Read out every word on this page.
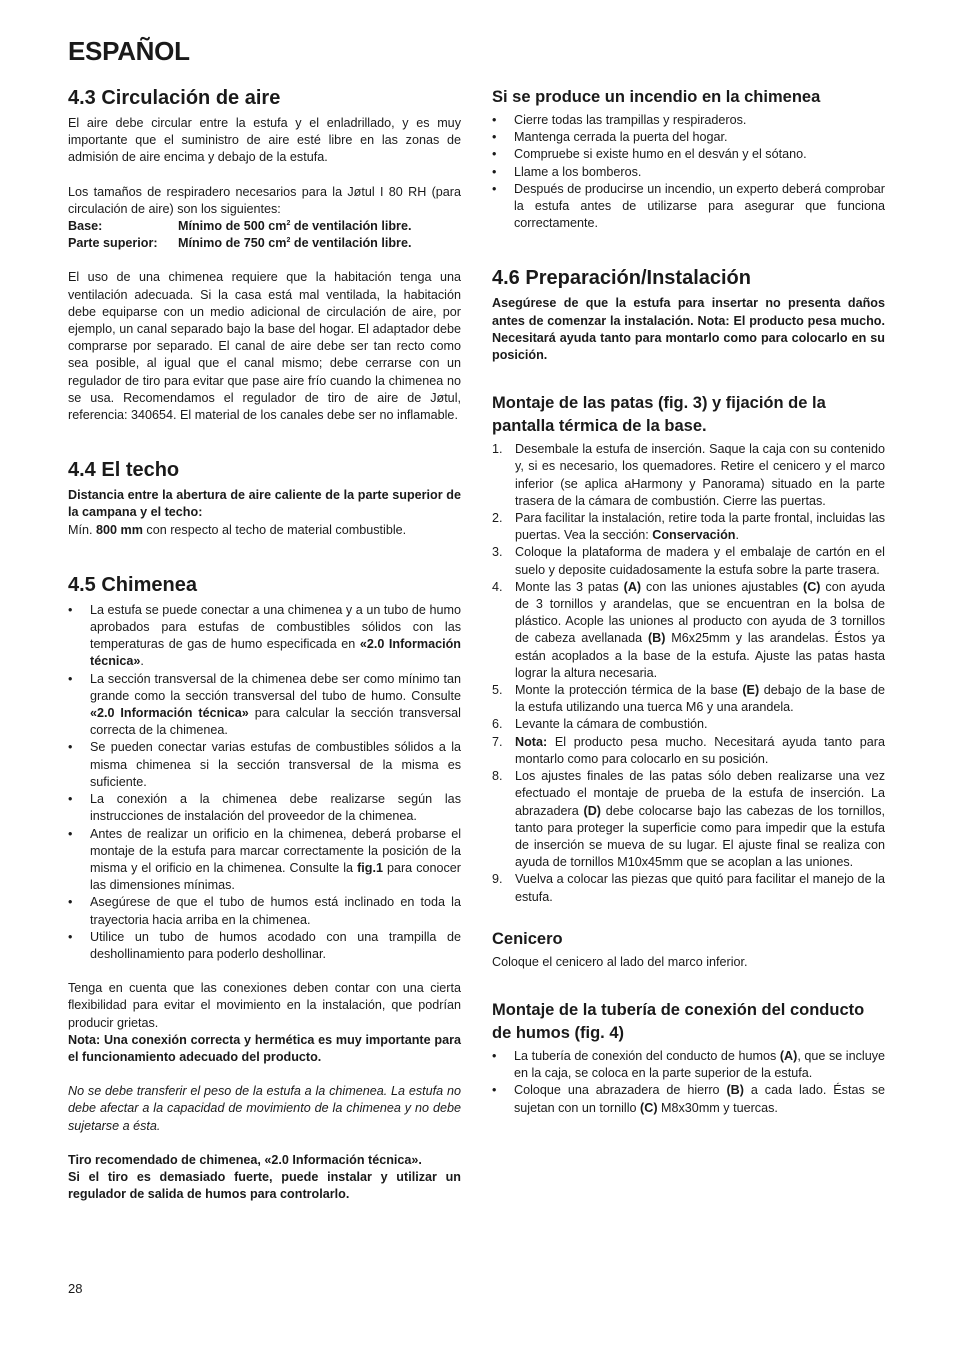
ESPAÑOL
4.3 Circulación de aire

El aire debe circular entre la estufa y el enladrillado, y es muy importante que el suministro de aire esté libre en las zonas de admisión de aire encima y debajo de la estufa.

Los tamaños de respiradero necesarios para la Jøtul I 80 RH (para circulación de aire) son los siguientes:

Base:	Mínimo de 500 $cm^2$ de ventilación libre.
Parte superior:	Mínimo de 750 $cm^2$ de ventilación libre.

El uso de una chimenea requiere que la habitación tenga una ventilación adecuada. Si la casa está mal ventilada, la habitación debe equiparse con un medio adicional de circulación de aire, por ejemplo, un canal separado bajo la base del hogar. El adaptador debe comprarse por separado. El canal de aire debe ser tan recto como sea posible, al igual que el canal mismo; debe cerrarse con un regulador de tiro para evitar que pase aire frío cuando la chimenea no se usa. Recomendamos el regulador de tiro de aire de Jøtul, referencia: 340654. El material de los canales debe ser no inflamable.

4.4 El techo

Distancia entre la abertura de aire caliente de la parte superior de la campana y el techo:

Mín. 800 mm con respecto al techo de material combustible.

4.5 Chimenea
• La estufa se puede conectar a una chimenea y a un tubo de humo aprobados para estufas de combustibles sólidos con las temperaturas de gas de humo especificada en «2.0 Información técnica».
• La sección transversal de la chimenea debe ser como mínimo tan grande como la sección transversal del tubo de humo. Consulte «2.0 Información técnica» para calcular la sección transversal correcta de la chimenea.
• Se pueden conectar varias estufas de combustibles sólidos a la misma chimenea si la sección transversal de la misma es suficiente.
• La conexión a la chimenea debe realizarse según las instrucciones de instalación del proveedor de la chimenea.
• Antes de realizar un orificio en la chimenea, deberá probarse el montaje de la estufa para marcar correctamente la posición de la misma y el orificio en la chimenea. Consulte la fig.1 para conocer las dimensiones mínimas.
• Asegúrese de que el tubo de humos está inclinado en toda la trayectoria hacia arriba en la chimenea.
• Utilice un tubo de humos acodado con una trampilla de deshollinamiento para poderlo deshollinar.

Tenga en cuenta que las conexiones deben contar con una cierta flexibilidad para evitar el movimiento en la instalación, que podrían producir grietas.

Nota: Una conexión correcta y hermética es muy importante para el funcionamiento adecuado del producto.

No se debe transferir el peso de la estufa a la chimenea. La estufa no debe afectar a la capacidad de movimiento de la chimenea y no debe sujetarse a ésta.

Tiro recomendado de chimenea, «2.0 Información técnica».

Si el tiro es demasiado fuerte, puede instalar y utilizar un regulador de salida de humos para controlarlo.

Si se produce un incendio en la chimenea
• Cierre todas las trampillas y respiraderos.
• Mantenga cerrada la puerta del hogar.
• Compruebe si existe humo en el desván y el sótano.
• Llame a los bomberos.
• Después de producirse un incendio, un experto deberá comprobar la estufa antes de utilizarse para asegurar que funciona correctamente.
4.6 Preparación/Instalación

Asegúrese de que la estufa para insertar no presenta daños antes de comenzar la instalación. Nota: El producto pesa mucho. Necesitará ayuda tanto para montarlo como para colocarlo en su posición.

Montaje de las patas (fig. 3) y fijación de la pantalla térmica de la base.
1. Desembale la estufa de inserción. Saque la caja con su contenido y, si es necesario, los quemadores. Retire el cenicero y el marco inferior (se aplica aHarmony y Panorama) situado en la parte trasera de la cámara de combustión. Cierre las puertas.
2. Para facilitar la instalación, retire toda la parte frontal, incluidas las puertas. Vea la sección: Conservación.
3. Coloque la plataforma de madera y el embalaje de cartón en el suelo y deposite cuidadosamente la estufa sobre la parte trasera.
4. Monte las 3 patas (A) con las uniones ajustables (C) con ayuda de 3 tornillos y arandelas, que se encuentran en la bolsa de plástico. Acople las uniones al producto con ayuda de 3 tornillos de cabeza avellanada (B) M6x25mm y las arandelas. Éstos ya están acoplados a la base de la estufa. Ajuste las patas hasta lograr la altura necesaria.
5. Monte la protección térmica de la base (E) debajo de la base de la estufa utilizando una tuerca M6 y una arandela.
6. Levante la cámara de combustión.
7. Nota: El producto pesa mucho. Necesitará ayuda tanto para montarlo como para colocarlo en su posición.
8. Los ajustes finales de las patas sólo deben realizarse una vez efectuado el montaje de prueba de la estufa de inserción. La abrazadera (D) debe colocarse bajo las cabezas de los tornillos, tanto para proteger la superficie como para impedir que la estufa de inserción se mueva de su lugar. El ajuste final se realiza con ayuda de tornillos M10x45mm que se acoplan a las uniones.
9. Vuelva a colocar las piezas que quitó para facilitar el manejo de la estufa.
Cenicero

Coloque el cenicero al lado del marco inferior.

Montaje de la tubería de conexión del conducto de humos (fig. 4)
• La tubería de conexión del conducto de humos (A), que se incluye en la caja, se coloca en la parte superior de la estufa.
• Coloque una abrazadera de hierro (B) a cada lado. Éstas se sujetan con un tornillo (C) M8x30mm y tuercas.

28
